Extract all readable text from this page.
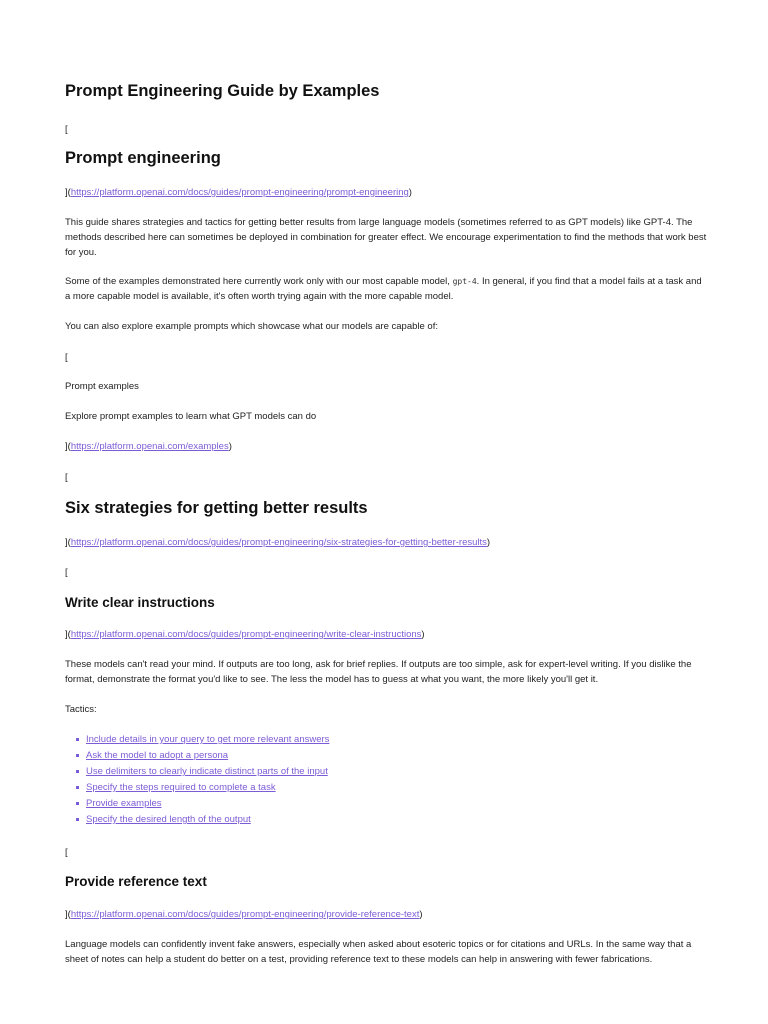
Prompt Engineering Guide by Examples
[
Prompt engineering
](https://platform.openai.com/docs/guides/prompt-engineering/prompt-engineering)

This guide shares strategies and tactics for getting better results from large language models (sometimes referred to as GPT models) like GPT-4. The methods described here can sometimes be deployed in combination for greater effect. We encourage experimentation to find the methods that work best for you.

Some of the examples demonstrated here currently work only with our most capable model, gpt-4. In general, if you find that a model fails at a task and a more capable model is available, it's often worth trying again with the more capable model.

You can also explore example prompts which showcase what our models are capable of:

[
Prompt examples
Explore prompt examples to learn what GPT models can do
](https://platform.openai.com/examples)
[
Six strategies for getting better results
](https://platform.openai.com/docs/guides/prompt-engineering/six-strategies-for-getting-better-results)
[
Write clear instructions
](https://platform.openai.com/docs/guides/prompt-engineering/write-clear-instructions)

These models can't read your mind. If outputs are too long, ask for brief replies. If outputs are too simple, ask for expert-level writing. If you dislike the format, demonstrate the format you'd like to see. The less the model has to guess at what you want, the more likely you'll get it.

Tactics:
Include details in your query to get more relevant answers
Ask the model to adopt a persona
Use delimiters to clearly indicate distinct parts of the input
Specify the steps required to complete a task
Provide examples
Specify the desired length of the output
[
Provide reference text
](https://platform.openai.com/docs/guides/prompt-engineering/provide-reference-text)

Language models can confidently invent fake answers, especially when asked about esoteric topics or for citations and URLs. In the same way that a sheet of notes can help a student do better on a test, providing reference text to these models can help in answering with fewer fabrications.
